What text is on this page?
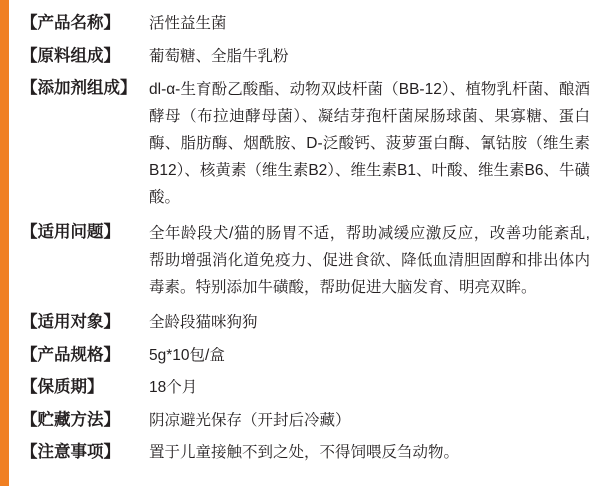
【产品名称】	活性益生菌
【原料组成】	葡萄糖、全脂牛乳粉
【添加剂组成】 dl-α-生育酚乙酸酯、动物双歧杆菌（BB-12）、植物乳杆菌、酿酒酵母（布拉迪酵母菌）、凝结芽孢杆菌屎肠球菌、果寡糖、蛋白酶、脂肪酶、烟酰胺、D-泛酸钙、菠萝蛋白酶、氰钴胺（维生素B12）、核黄素（维生素B2）、维生素B1、叶酸、维生素B6、牛磺酸。
【适用问题】	全年龄段犬/猫的肠胃不适，帮助减缓应激反应，改善功能紊乱,帮助增强消化道免疫力、促进食欲、降低血清胆固醇和排出体内毒素。特别添加牛磺酸，帮助促进大脑发育、明亮双眸。
【适用对象】	全龄段猫咪狗狗
【产品规格】	5g*10包/盒
【保质期】	18个月
【贮藏方法】	阴凉避光保存（开封后冷藏）
【注意事项】	置于儿童接触不到之处，不得饲喂反刍动物。
